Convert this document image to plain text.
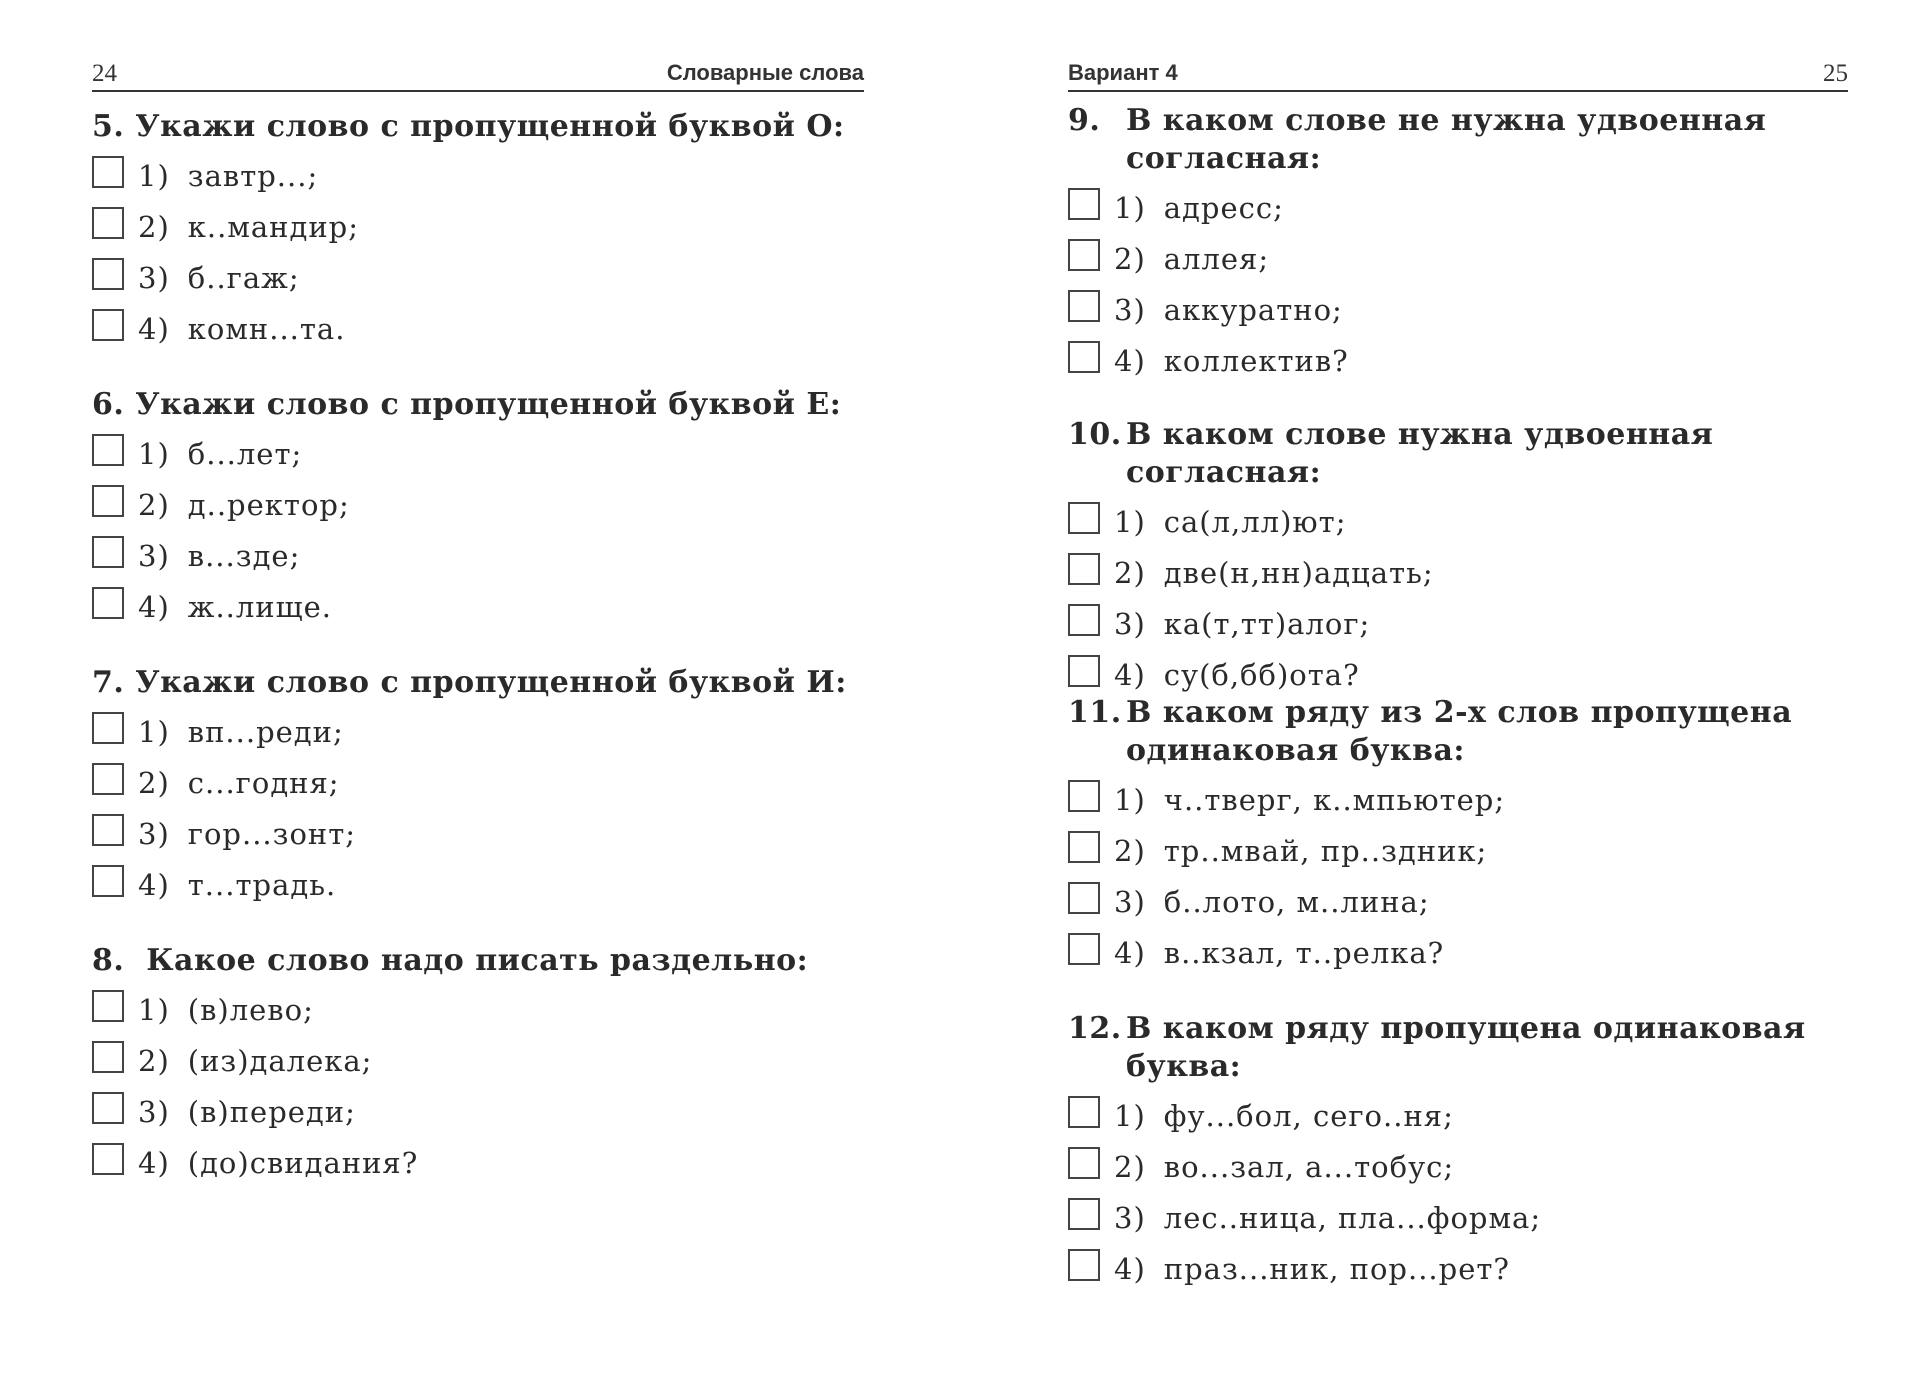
24	Словарные слова
5.
Укажи слово с пропущенной буквой О:
1) завтр...;
2) к..мандир;
3) б..гаж;
4) комн...та.
6.
Укажи слово с пропущенной буквой Е:
1) б...лет;
2) д..ректор;
3) в...зде;
4) ж..лище.
7.
Укажи слово с пропущенной буквой И:
1) вп...реди;
2) с...годня;
3) гор...зонт;
4) т...традь.
8.
Какое слово надо писать раздельно:
1) (в)лево;
2) (из)далека;
3) (в)переди;
4) (до)свидания?
Вариант 4	25
9. В каком слове не нужна удвоенная согласная:
1) адресс;
2) аллея;
3) аккуратно;
4) коллектив?
10. В каком слове нужна удвоенная согласная:
1) са(л,лл)ют;
2) две(н,нн)адцать;
3) ка(т,тт)алог;
4) су(б,бб)ота?
11. В каком ряду из 2-х слов пропущена одинаковая буква:
1) ч..тверг, к..мпьютер;
2) тр..мвай, пр..здник;
3) б..лото, м..лина;
4) в..кзал, т..релка?
12. В каком ряду пропущена одинаковая буква:
1) фу...бол, сего..ня;
2) во...зал, а...тобус;
3) лес..ница, пла...форма;
4) праз...ник, пор...рет?
